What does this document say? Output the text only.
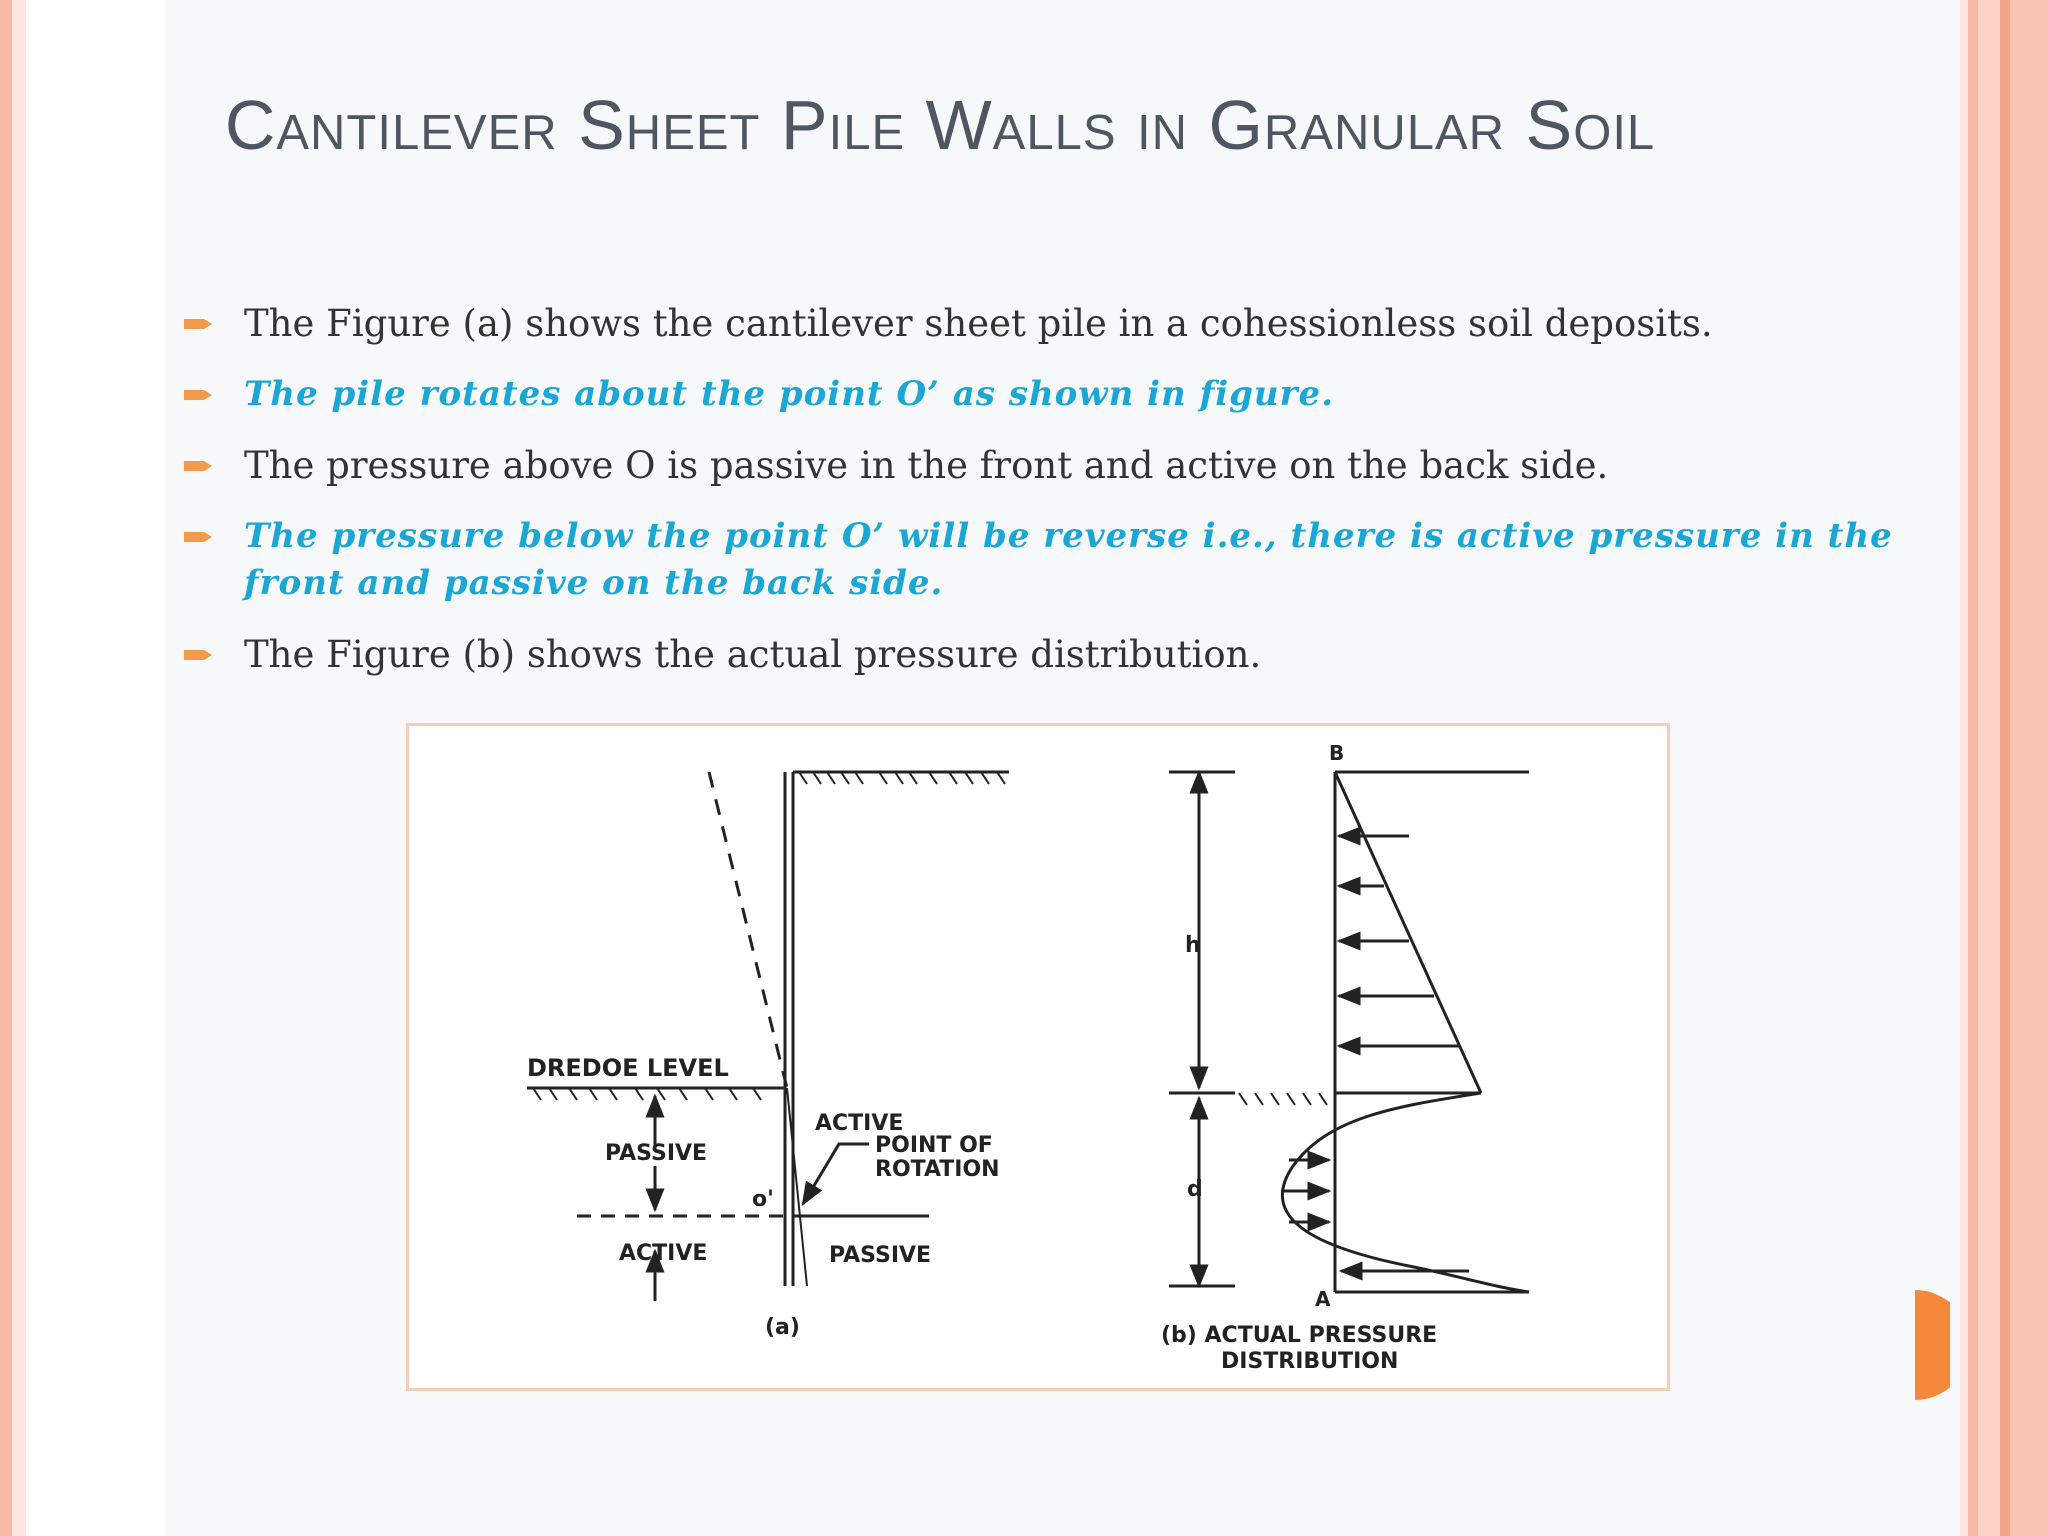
Cantilever Sheet Pile Walls in Granular Soil
The Figure (a) shows the cantilever sheet pile in a cohessionless soil deposits.
The pile rotates about the point O’ as shown in figure.
The pressure above O is passive in the front and active on the back side.
The pressure below the point O’ will be reverse i.e., there is active pressure in the front and passive on the back side.
The Figure (b) shows the actual pressure distribution.
DREDOE LEVEL
PASSIVE
ACTIVE
ACTIVE
o'
POINT OF
ROTATION
PASSIVE
(a)
B
A
h
d
(b) ACTUAL PRESSURE
DISTRIBUTION
